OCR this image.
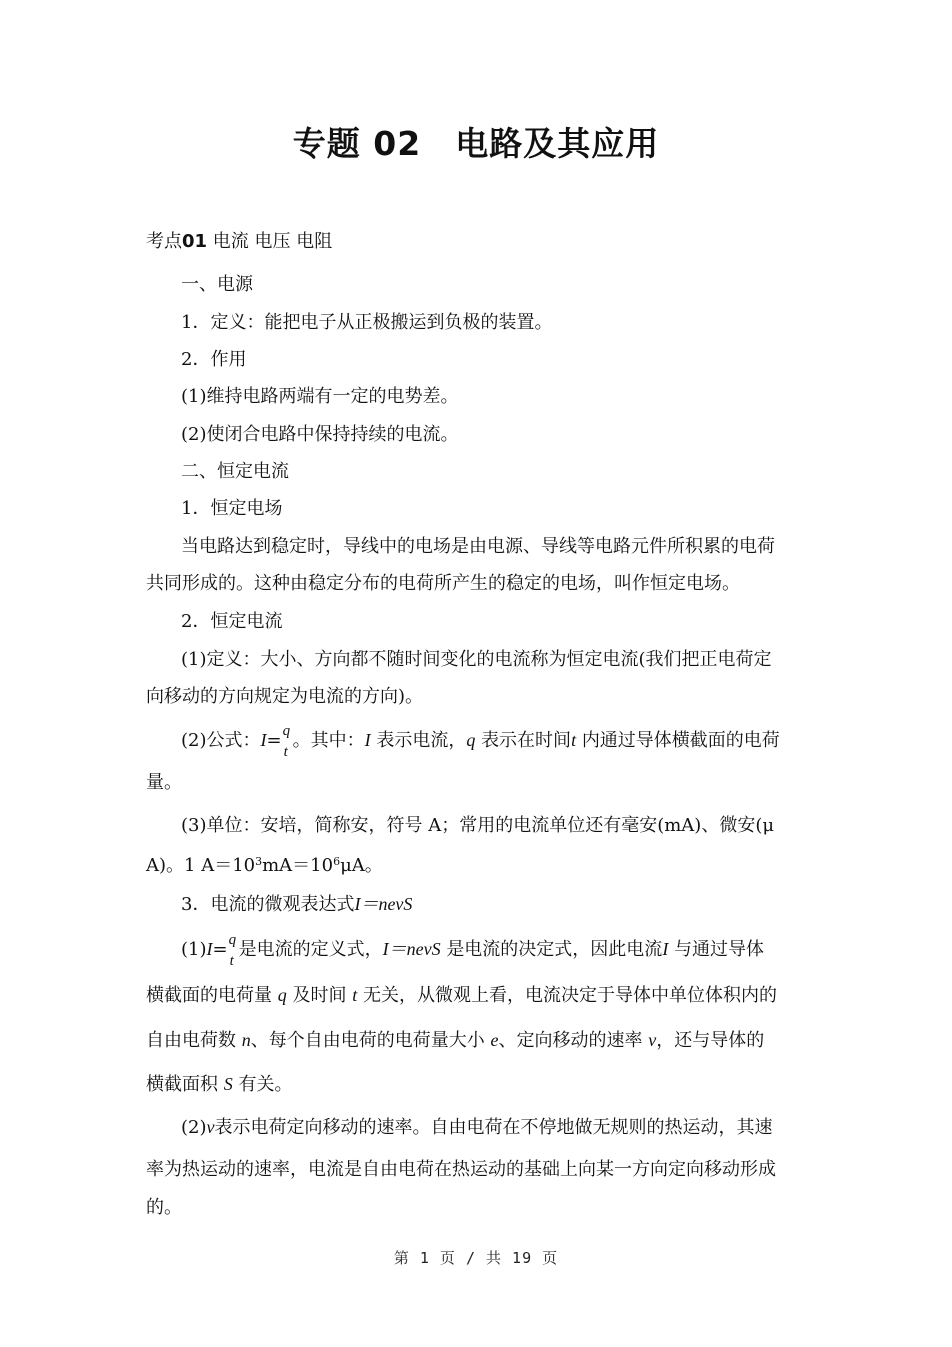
专题 02 电路及其应用
考点01 电流 电压 电阻
一、电源
1．定义：能把电子从正极搬运到负极的装置。
2．作用
(1)维持电路两端有一定的电势差。
(2)使闭合电路中保持持续的电流。
二、恒定电流
1．恒定电场
当电路达到稳定时，导线中的电场是由电源、导线等电路元件所积累的电荷
共同形成的。这种由稳定分布的电荷所产生的稳定的电场，叫作恒定电场。
2．恒定电流
(1)定义：大小、方向都不随时间变化的电流称为恒定电流(我们把正电荷定
向移动的方向规定为电流的方向)。
(2)公式：I= q
t
。其中：I 表示电流，q 表示在时间t 内通过导体横截面的电荷
量。
(3)单位：安培，简称安，符号 A；常用的电流单位还有毫安(mA)、微安(μ
A)。1 $A=10^3mA=10^6\mu A$。
3．电流的微观表达式I＝nevS
(1)I= q
t
是电流的定义式，I＝nevS 是电流的决定式，因此电流I 与通过导体
横截面的电荷量 q 及时间 t 无关，从微观上看，电流决定于导体中单位体积内的
自由电荷数 n、每个自由电荷的电荷量大小 e、定向移动的速率 v，还与导体的
横截面积 S 有关。
(2)v表示电荷定向移动的速率。自由电荷在不停地做无规则的热运动，其速
率为热运动的速率，电流是自由电荷在热运动的基础上向某一方向定向移动形成
的。
第 1 页 / 共 19 页
